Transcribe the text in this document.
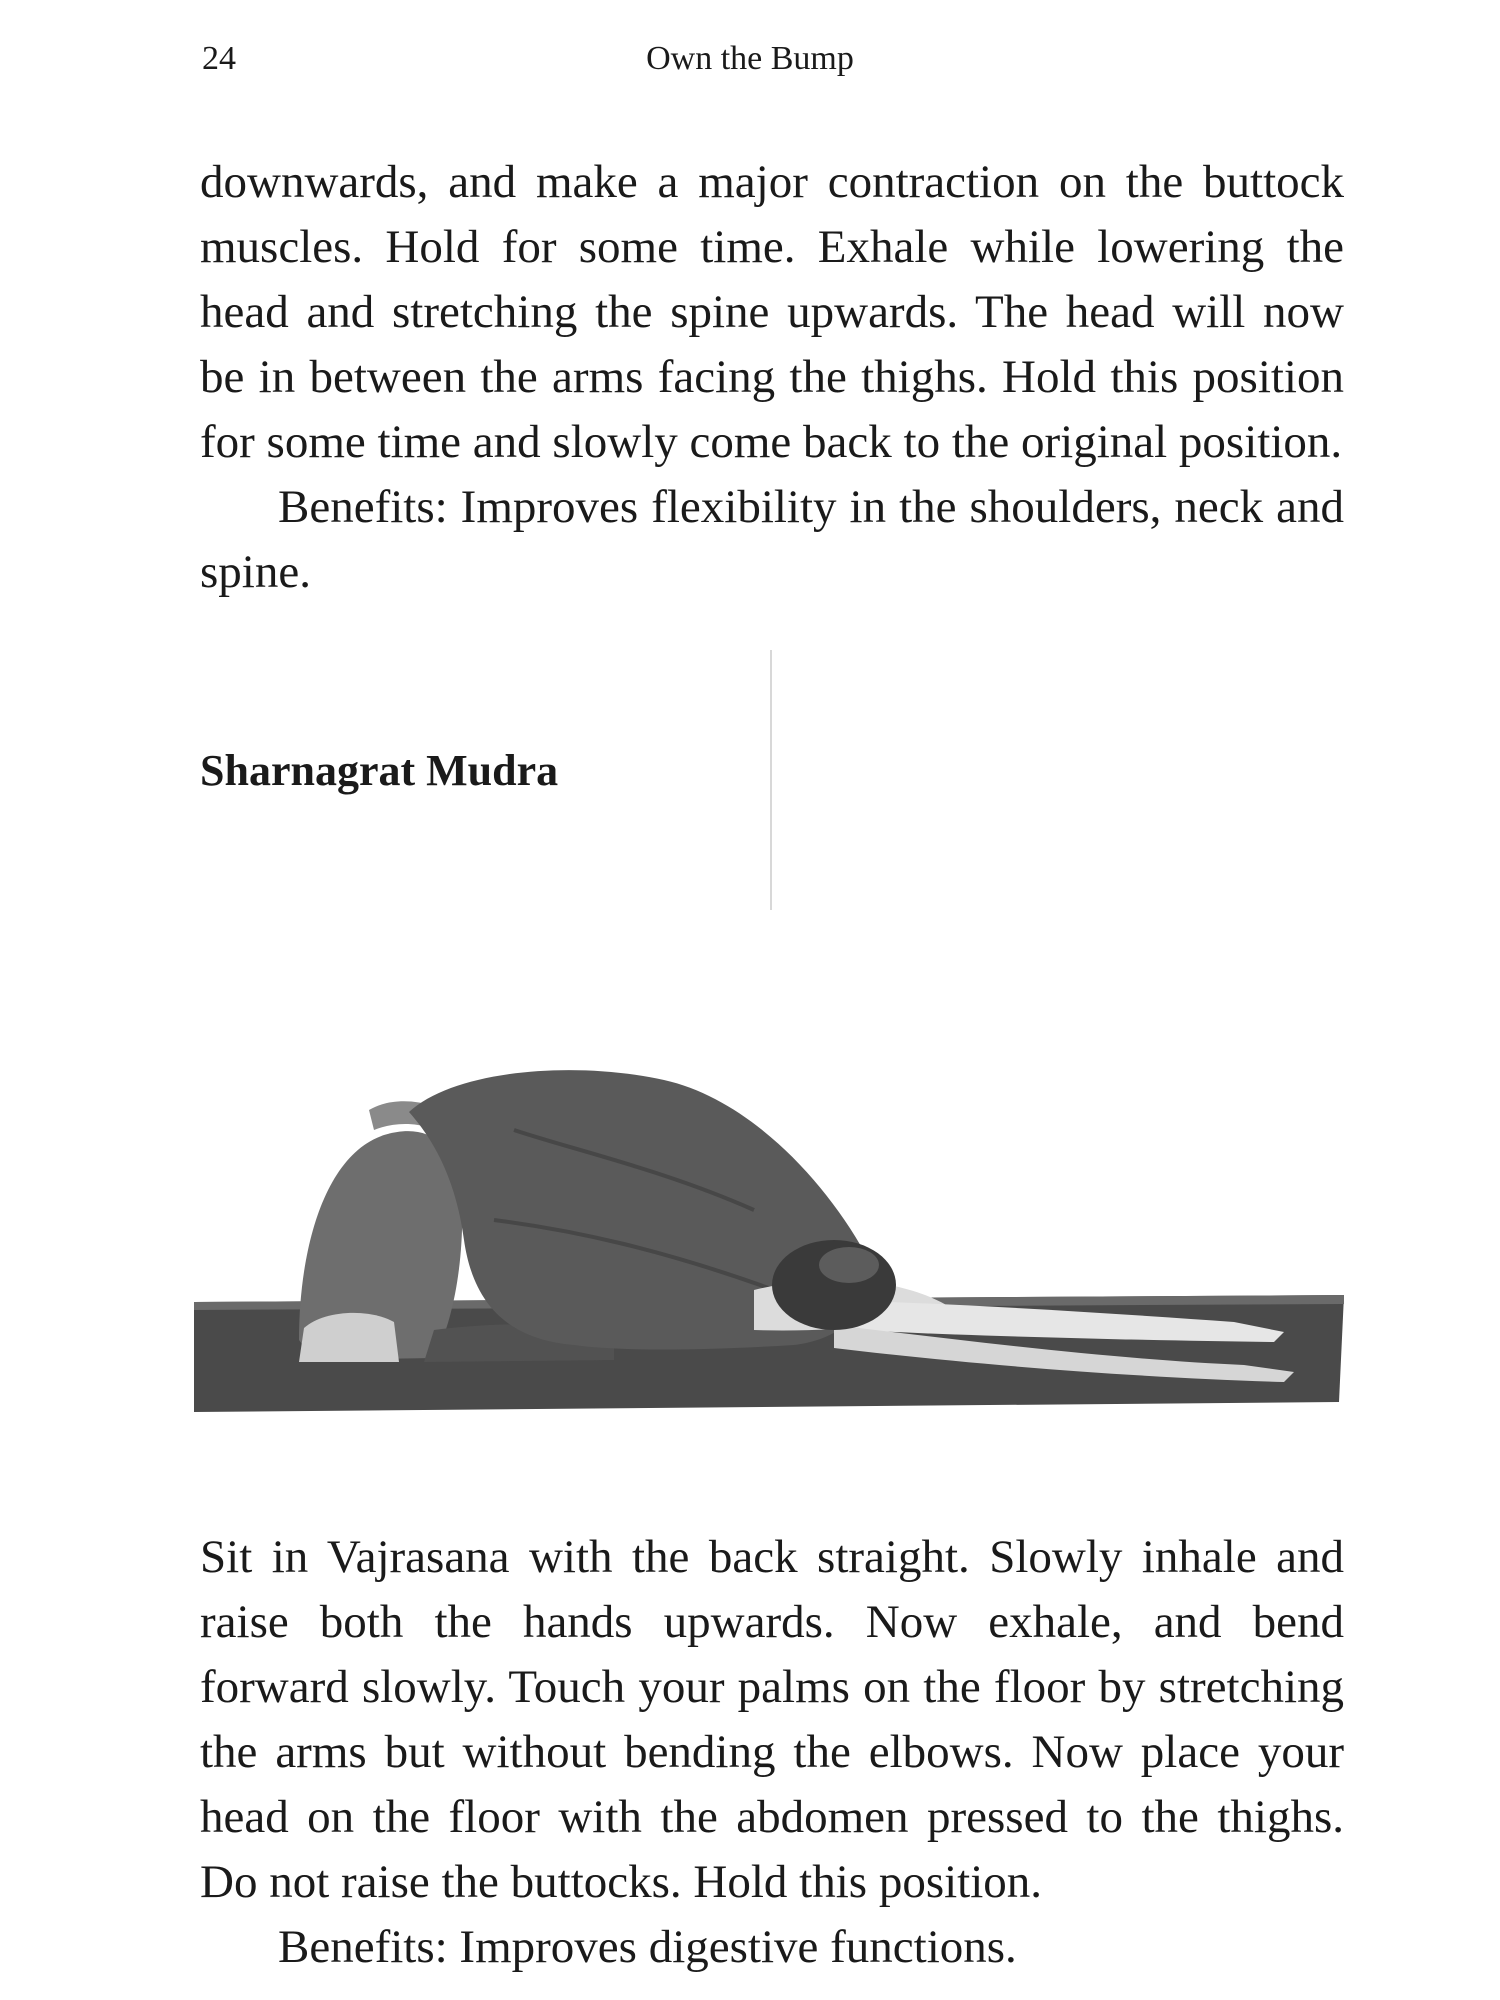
24	Own the Bump

downwards, and make a major contraction on the buttock muscles. Hold for some time. Exhale while lowering the head and stretching the spine upwards. The head will now be in between the arms facing the thighs. Hold this position for some time and slowly come back to the original position.

Benefits: Improves flexibility in the shoulders, neck and spine.

Sharnagrat Mudra

Sit in Vajrasana with the back straight. Slowly inhale and raise both the hands upwards. Now exhale, and bend forward slowly. Touch your palms on the floor by stretching the arms but without bending the elbows. Now place your head on the floor with the abdomen pressed to the thighs. Do not raise the buttocks. Hold this position.

Benefits: Improves digestive functions.
